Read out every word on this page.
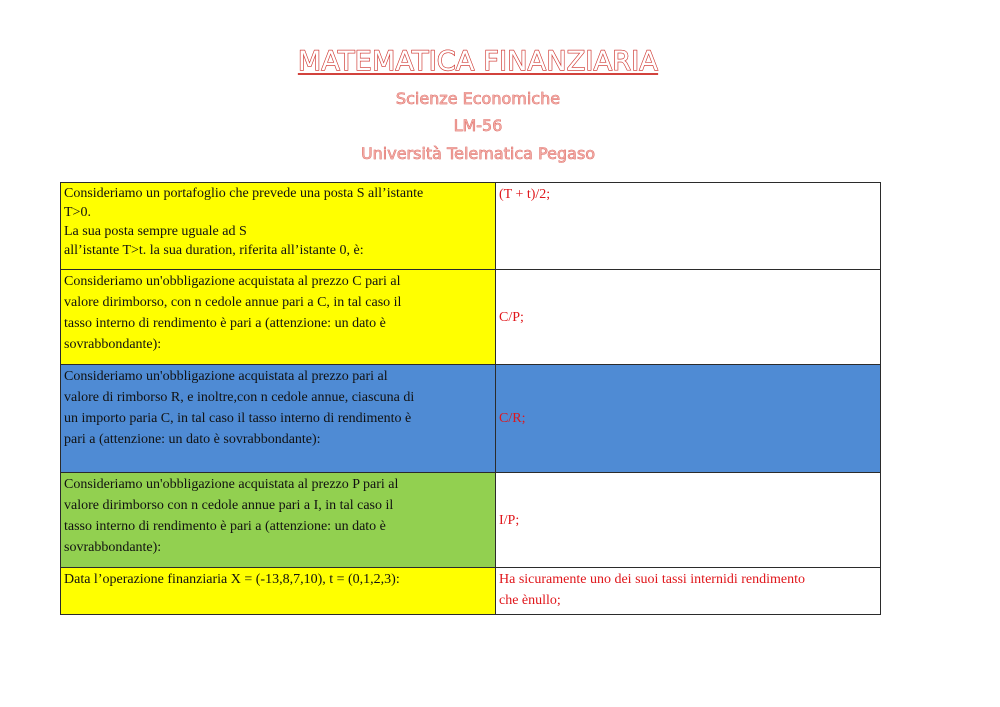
MATEMATICA FINANZIARIA
Scienze Economiche
LM-56
Università Telematica Pegaso
Consideriamo un portafoglio che prevede una posta S all’istante
T>0.
La sua posta sempre uguale ad S
all’istante T>t. la sua duration, riferita all’istante 0, è:	(T + t)/2;

Consideriamo un'obbligazione acquistata al prezzo C pari al
valore dirimborso, con n cedole annue pari a C, in tal caso il
tasso interno di rendimento è pari a (attenzione: un dato è
sovrabbondante):	C/P;

Consideriamo un'obbligazione acquistata al prezzo pari al
valore di rimborso R, e inoltre,con n cedole annue, ciascuna di
un importo paria C, in tal caso il tasso interno di rendimento è
pari a (attenzione: un dato è sovrabbondante):	C/R;

Consideriamo un'obbligazione acquistata al prezzo P pari al
valore dirimborso con n cedole annue pari a I, in tal caso il
tasso interno di rendimento è pari a (attenzione: un dato è
sovrabbondante):	I/P;

Data l’operazione finanziaria X = (-13,8,7,10), t = (0,1,2,3):	Ha sicuramente uno dei suoi tassi internidi rendimento
che ènullo;
